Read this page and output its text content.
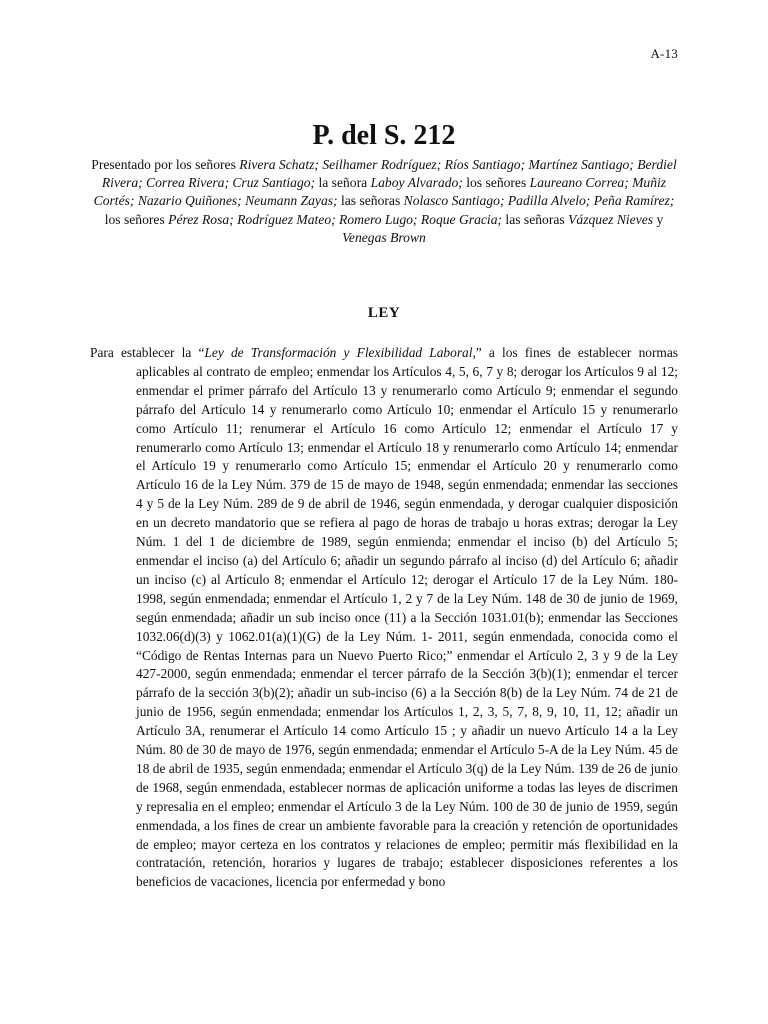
A-13
P. del S. 212
Presentado por los señores Rivera Schatz; Seilhamer Rodríguez; Ríos Santiago; Martínez Santiago; Berdiel Rivera; Correa Rivera; Cruz Santiago; la señora Laboy Alvarado; los señores Laureano Correa; Muñiz Cortés; Nazario Quiñones; Neumann Zayas; las señoras Nolasco Santiago; Padilla Alvelo; Peña Ramírez; los señores Pérez Rosa; Rodríguez Mateo; Romero Lugo; Roque Gracia; las señoras Vázquez Nieves y Venegas Brown
LEY
Para establecer la “Ley de Transformación y Flexibilidad Laboral,” a los fines de establecer normas aplicables al contrato de empleo; enmendar los Artículos 4, 5, 6, 7 y 8; derogar los Artículos 9 al 12; enmendar el primer párrafo del Artículo 13 y renumerarlo como Artículo 9; enmendar el segundo párrafo del Artículo 14 y renumerarlo como Artículo 10; enmendar el Artículo 15 y renumerarlo como Artículo 11; renumerar el Artículo 16 como Artículo 12; enmendar el Artículo 17 y renumerarlo como Artículo 13; enmendar el Artículo 18 y renumerarlo como Artículo 14; enmendar el Artículo 19 y renumerarlo como Artículo 15; enmendar el Artículo 20 y renumerarlo como Artículo 16 de la Ley Núm. 379 de 15 de mayo de 1948, según enmendada; enmendar las secciones 4 y 5 de la Ley Núm. 289 de 9 de abril de 1946, según enmendada, y derogar cualquier disposición en un decreto mandatorio que se refiera al pago de horas de trabajo u horas extras; derogar la Ley Núm. 1 del 1 de diciembre de 1989, según enmienda; enmendar el inciso (b) del Artículo 5; enmendar el inciso (a) del Artículo 6; añadir un segundo párrafo al inciso (d) del Artículo 6; añadir un inciso (c) al Artículo 8; enmendar el Artículo 12; derogar el Artículo 17 de la Ley Núm. 180-1998, según enmendada; enmendar el Artículo 1, 2 y 7 de la Ley Núm. 148 de 30 de junio de 1969, según enmendada; añadir un sub inciso once (11) a la Sección 1031.01(b); enmendar las Secciones 1032.06(d)(3) y 1062.01(a)(1)(G) de la Ley Núm. 1- 2011, según enmendada, conocida como el “Código de Rentas Internas para un Nuevo Puerto Rico;” enmendar el Artículo 2, 3 y 9 de la Ley 427-2000, según enmendada; enmendar el tercer párrafo de la Sección 3(b)(1); enmendar el tercer párrafo de la sección 3(b)(2); añadir un sub-inciso (6) a la Sección 8(b) de la Ley Núm. 74 de 21 de junio de 1956, según enmendada; enmendar los Artículos 1, 2, 3, 5, 7, 8, 9, 10, 11, 12; añadir un Artículo 3A, renumerar el Artículo 14 como Artículo 15 ; y añadir un nuevo Artículo 14 a la Ley Núm. 80 de 30 de mayo de 1976, según enmendada; enmendar el Artículo 5-A de la Ley Núm. 45 de 18 de abril de 1935, según enmendada; enmendar el Artículo 3(q) de la Ley Núm. 139 de 26 de junio de 1968, según enmendada, establecer normas de aplicación uniforme a todas las leyes de discrimen y represalia en el empleo; enmendar el Artículo 3 de la Ley Núm. 100 de 30 de junio de 1959, según enmendada, a los fines de crear un ambiente favorable para la creación y retención de oportunidades de empleo; mayor certeza en los contratos y relaciones de empleo; permitir más flexibilidad en la contratación, retención, horarios y lugares de trabajo; establecer disposiciones referentes a los beneficios de vacaciones, licencia por enfermedad y bono
